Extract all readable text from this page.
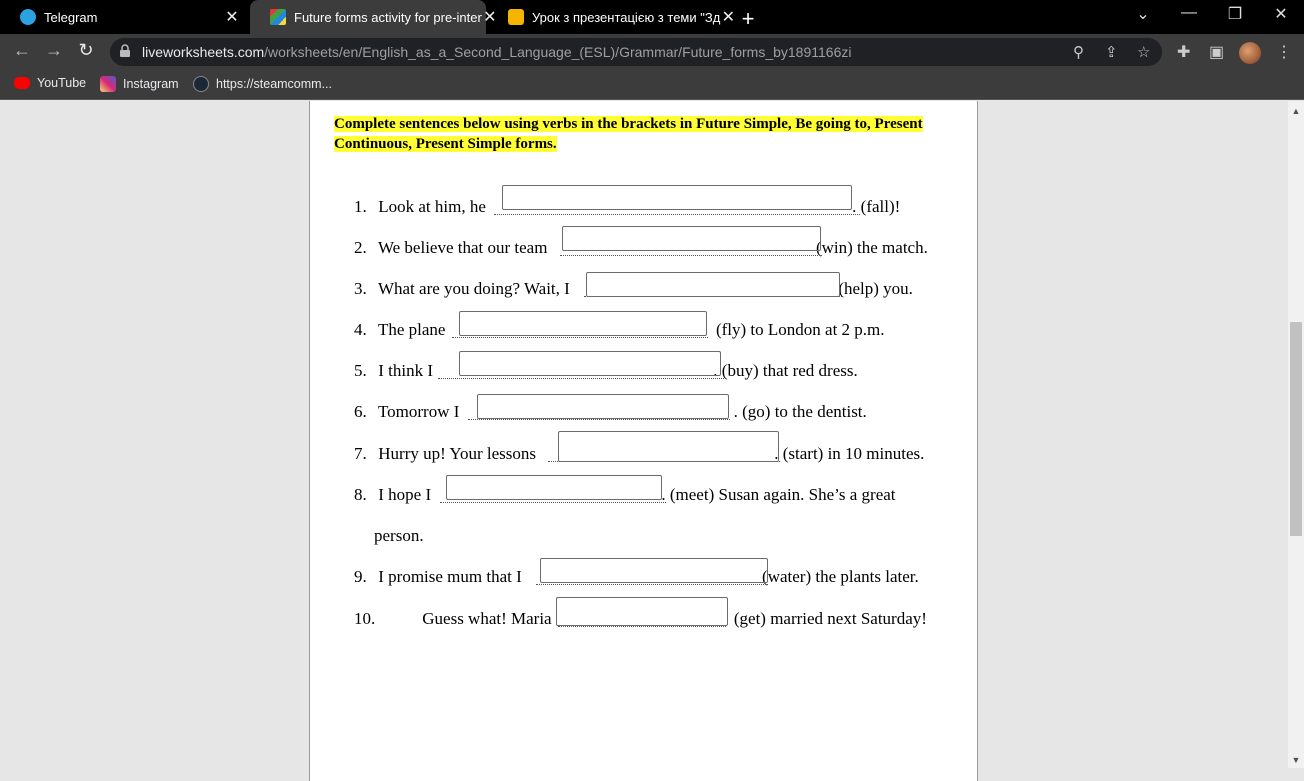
Telegram	✕	Future forms activity for pre-inter ✕	Урок з презентацією з теми "Зд ✕ +	⌄	—	❐	✕
← → ↻	liveworksheets.com/worksheets/en/English_as_a_Second_Language_(ESL)/Grammar/Future_forms_by1891166zi	⚲ ⇪ ☆ ✚ ▣	⋮
YouTube	Instagram	https://steamcomm...
Complete sentences below using verbs in the brackets in Future Simple, Be going to, Present Continuous, Present Simple forms.
1. Look at him, he	. (fall)!
2. We believe that our team	(win) the match.
3. What are you doing? Wait, I	(help) you.
4. The plane	(fly) to London at 2 p.m.
5. I think I	. (buy) that red dress.
6. Tomorrow I	. (go) to the dentist.
7. Hurry up! Your lessons	. (start) in 10 minutes.
8. I hope I	. (meet) Susan again. She’s a great
person.
9. I promise mum that I	(water) the plants later.
10.	Guess what! Maria	(get) married next Saturday!
▲
▼
